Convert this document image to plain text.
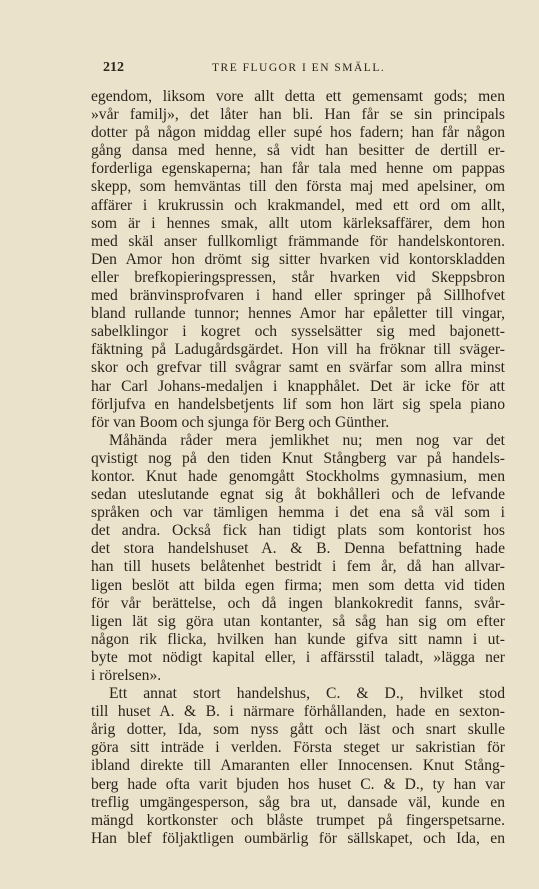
212	TRE FLUGOR I EN SMÄLL.
egendom, liksom vore allt detta ett gemensamt gods; men
»vår familj», det låter han bli. Han får se sin principals
dotter på någon middag eller supé hos fadern; han får någon
gång dansa med henne, så vidt han besitter de dertill er-
forderliga egenskaperna; han får tala med henne om pappas
skepp, som hemväntas till den första maj med apelsiner, om
affärer i krukrussin och krakmandel, med ett ord om allt,
som är i hennes smak, allt utom kärleksaffärer, dem hon
med skäl anser fullkomligt främmande för handelskontoren.
Den Amor hon drömt sig sitter hvarken vid kontorskladden
eller brefkopieringspressen, står hvarken vid Skeppsbron
med bränvinsprofvaren i hand eller springer på Sillhofvet
bland rullande tunnor; hennes Amor har epåletter till vingar,
sabelklingor i kogret och sysselsätter sig med bajonett-
fäktning på Ladugårdsgärdet. Hon vill ha fröknar till sväger-
skor och grefvar till svågrar samt en svärfar som allra minst
har Carl Johans-medaljen i knapphålet. Det är icke för att
förljufva en handelsbetjents lif som hon lärt sig spela piano
för van Boom och sjunga för Berg och Günther.
Måhända råder mera jemlikhet nu; men nog var det
qvistigt nog på den tiden Knut Stångberg var på handels-
kontor. Knut hade genomgått Stockholms gymnasium, men
sedan uteslutande egnat sig åt bokhålleri och de lefvande
språken och var tämligen hemma i det ena så väl som i
det andra. Också fick han tidigt plats som kontorist hos
det stora handelshuset A. & B. Denna befattning hade
han till husets belåtenhet bestridt i fem år, då han allvar-
ligen beslöt att bilda egen firma; men som detta vid tiden
för vår berättelse, och då ingen blankokredit fanns, svår-
ligen lät sig göra utan kontanter, så såg han sig om efter
någon rik flicka, hvilken han kunde gifva sitt namn i ut-
byte mot nödigt kapital eller, i affärsstil taladt, »lägga ner
i rörelsen».
Ett annat stort handelshus, C. & D., hvilket stod
till huset A. & B. i närmare förhållanden, hade en sexton-
årig dotter, Ida, som nyss gått och läst och snart skulle
göra sitt inträde i verlden. Första steget ur sakristian för
ibland direkte till Amaranten eller Innocensen. Knut Stång-
berg hade ofta varit bjuden hos huset C. & D., ty han var
treflig umgängesperson, såg bra ut, dansade väl, kunde en
mängd kortkonster och blåste trumpet på fingerspetsarne.
Han blef följaktligen oumbärlig för sällskapet, och Ida, en
